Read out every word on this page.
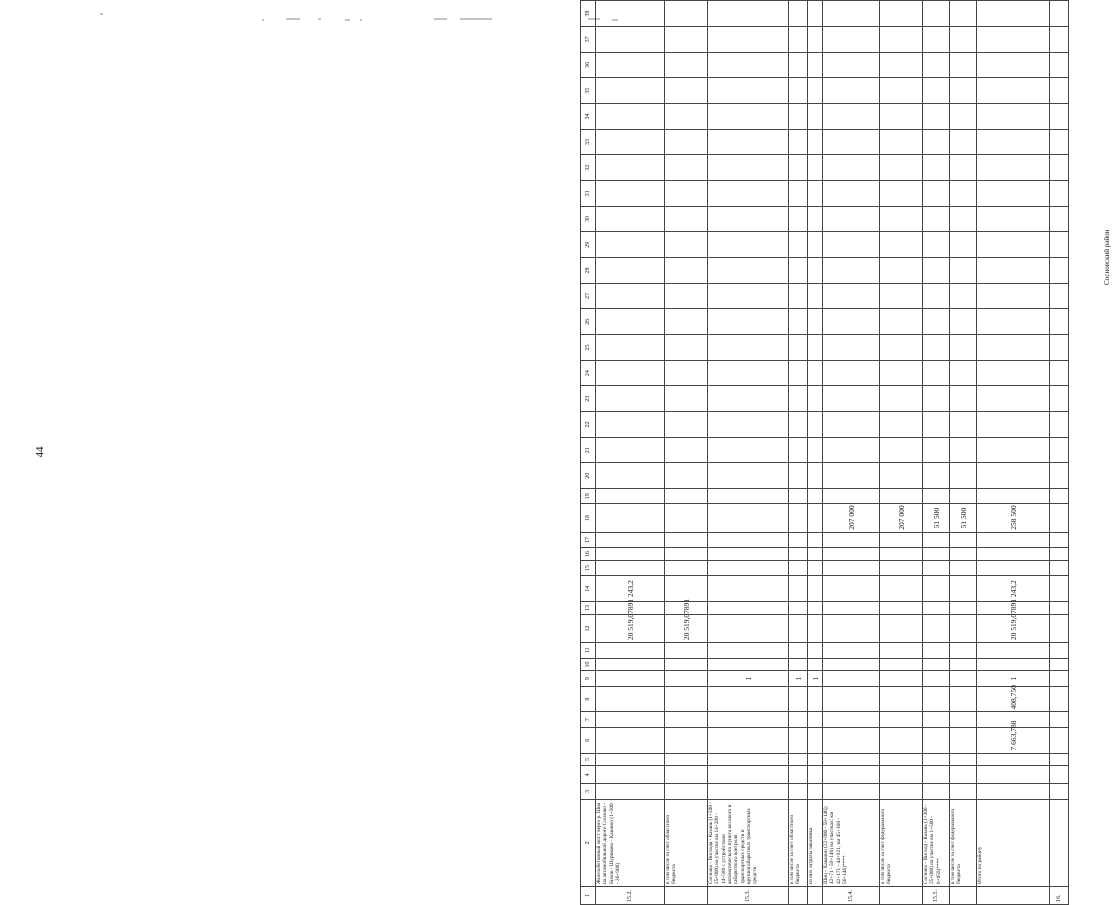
44
1	2	3	4	5	6	7	8	9	10	11	12	13	14	15	16	17	18	19	20	21	22	23	24	25	26	27	28	29	30	31	32	33	34	35	36	37	38
15.2.	Железобетонный мост через р. Шиа на автомобильной дороге Сосново - Бихов - Шуриково - Кашино (1+500 - 26+900)										20 519,07891		243,2																								
	в том числе за счет областного бюджета										20 519,07891																										
15.3.	Сосново - Висхода - Казань (1+500 - 25+800) на участке км 14+280 - 14+580 с устройством автоматического пункта весового и габаритного контроля транспортных средств и крупногабаритных транспортных средств							1																													
	в том числе за счет областного бюджета							1																													
	из них затраты заказчика							1																													
15.4.	Шиц - Хаванин (22+800 - 59+146); 42+71 - 59+146) на участках: км 42+171 - 44+921, км 45+160 - 56+146)****																207 000																				
	в том числе за счет федерального бюджета																207 000																				
15.5.	Сосново - Висход - Казань (1+300 - 25+800) на участке км 1+500 - 6+059)****																51 500																				
	в том числе за счет федерального бюджета																51 500																				
	Итого по району				7 663,788		408,750	1			20 519,07891		243,2				258 500																				
16.																																					
Сосновский район
